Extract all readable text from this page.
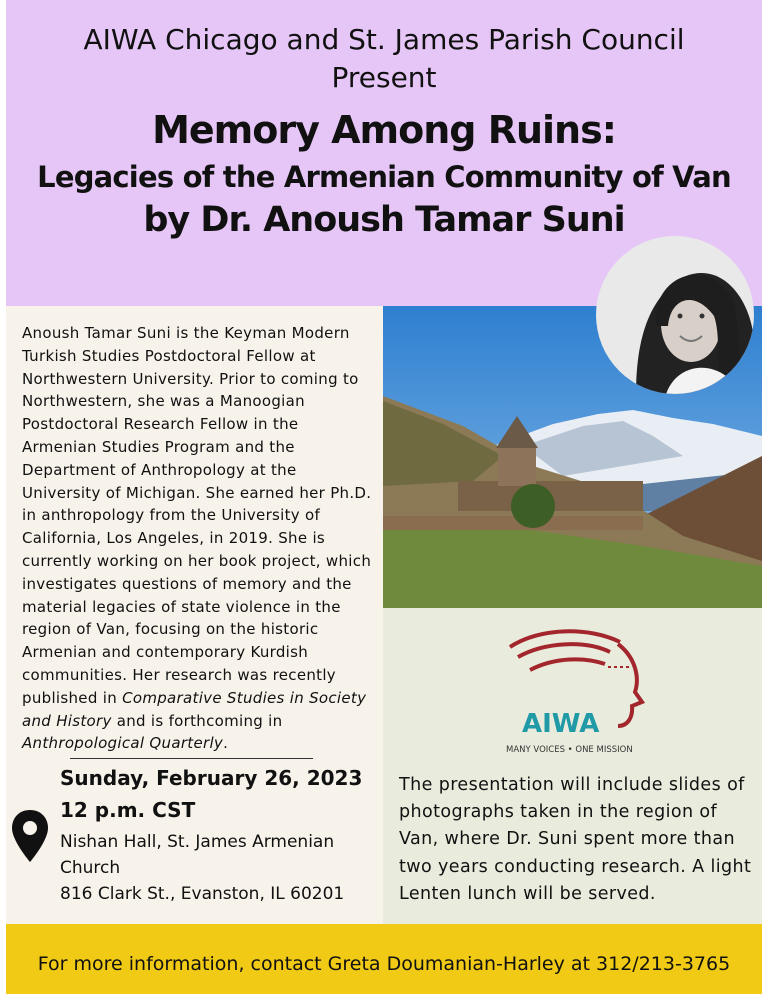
AIWA Chicago and St. James Parish Council
Present
Memory Among Ruins:
Legacies of the Armenian Community of Van
by Dr. Anoush Tamar Suni
Anoush Tamar Suni is the Keyman Modern Turkish Studies Postdoctoral Fellow at Northwestern University. Prior to coming to Northwestern, she was a Manoogian Postdoctoral Research Fellow in the Armenian Studies Program and the Department of Anthropology at the University of Michigan. She earned her Ph.D. in anthropology from the University of California, Los Angeles, in 2019. She is currently working on her book project, which investigates questions of memory and the material legacies of state violence in the region of Van, focusing on the historic Armenian and contemporary Kurdish communities. Her research was recently published in Comparative Studies in Society and History and is forthcoming in Anthropological Quarterly.
Sunday, February 26, 2023
12 p.m. CST
Nishan Hall, St. James Armenian
Church
816 Clark St., Evanston, IL 60201
AIWA
MANY VOICES • ONE MISSION
The presentation will include slides of photographs taken in the region of Van, where Dr. Suni spent more than two years conducting research. A light Lenten lunch will be served.
For more information, contact Greta Doumanian-Harley at 312/213-3765
